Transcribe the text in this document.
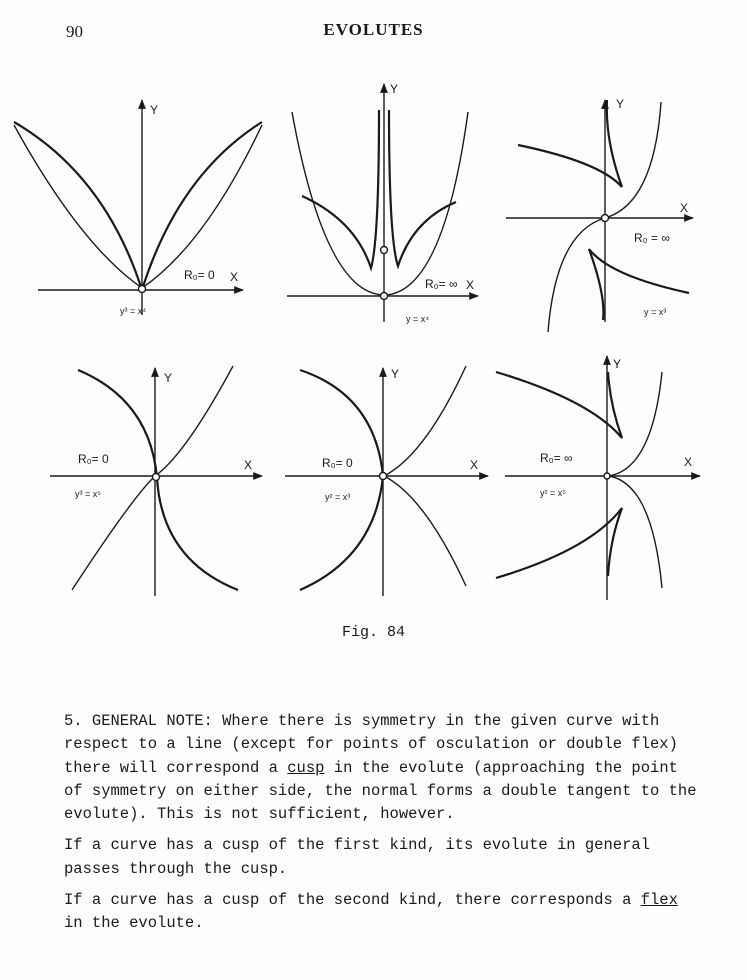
90	EVOLUTES
Y
X
R₀= 0
y³ = x⁴
Y
X
R₀= ∞
y = x⁴
Y
X
R₀ = ∞
y = x³
Y
X
R₀= 0
y³ = x⁵
Y
X
R₀= 0
y² = x³
Y
X
R₀= ∞
y² = x⁵
Fig. 84

5. GENERAL NOTE: Where there is symmetry in the given curve with respect to a line (except for points of osculation or double flex) there will correspond a cusp in the evolute (approaching the point of symmetry on either side, the normal forms a double tangent to the evolute). This is not sufficient, however.

If a curve has a cusp of the first kind, its evolute in general passes through the cusp.

If a curve has a cusp of the second kind, there corresponds a flex in the evolute.
